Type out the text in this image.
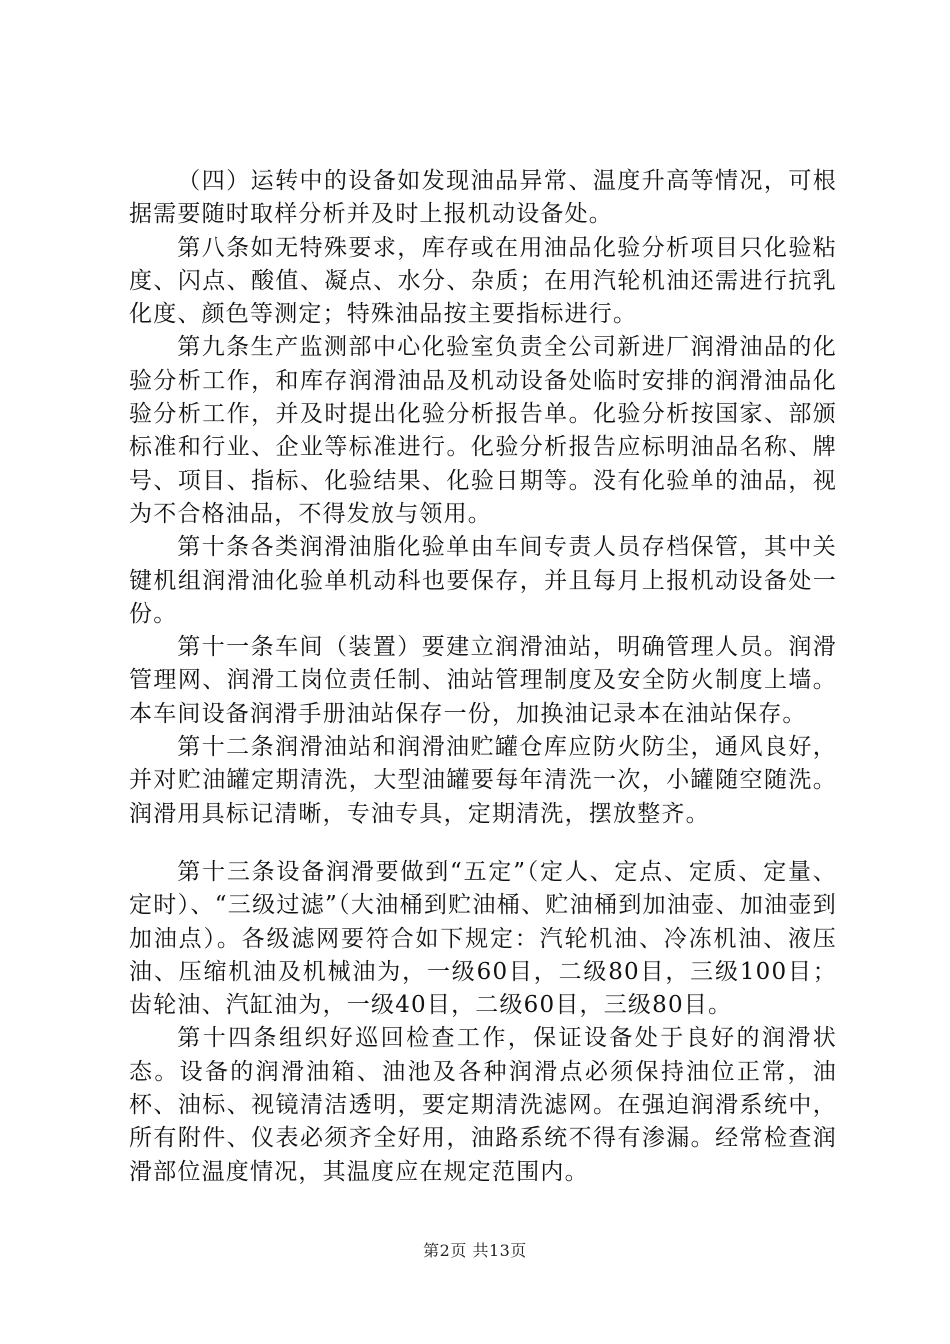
（四）运转中的设备如发现油品异常、温度升高等情况，可根据需要随时取样分析并及时上报机动设备处。

第八条如无特殊要求，库存或在用油品化验分析项目只化验粘度、闪点、酸值、凝点、水分、杂质；在用汽轮机油还需进行抗乳化度、颜色等测定；特殊油品按主要指标进行。

第九条生产监测部中心化验室负责全公司新进厂润滑油品的化验分析工作，和库存润滑油品及机动设备处临时安排的润滑油品化验分析工作，并及时提出化验分析报告单。化验分析按国家、部颁标准和行业、企业等标准进行。化验分析报告应标明油品名称、牌号、项目、指标、化验结果、化验日期等。没有化验单的油品，视为不合格油品，不得发放与领用。

第十条各类润滑油脂化验单由车间专责人员存档保管，其中关键机组润滑油化验单机动科也要保存，并且每月上报机动设备处一份。

第十一条车间（装置）要建立润滑油站，明确管理人员。润滑管理网、润滑工岗位责任制、油站管理制度及安全防火制度上墙。本车间设备润滑手册油站保存一份，加换油记录本在油站保存。

第十二条润滑油站和润滑油贮罐仓库应防火防尘，通风良好，并对贮油罐定期清洗，大型油罐要每年清洗一次，小罐随空随洗。润滑用具标记清晰，专油专具，定期清洗，摆放整齐。

第十三条设备润滑要做到“五定”（定人、定点、定质、定量、定时）、“三级过滤”（大油桶到贮油桶、贮油桶到加油壶、加油壶到加油点）。各级滤网要符合如下规定：汽轮机油、冷冻机油、液压油、压缩机油及机械油为，一级60目，二级80目，三级100目；齿轮油、汽缸油为，一级40目，二级60目，三级80目。

第十四条组织好巡回检查工作，保证设备处于良好的润滑状态。设备的润滑油箱、油池及各种润滑点必须保持油位正常，油杯、油标、视镜清洁透明，要定期清洗滤网。在强迫润滑系统中，所有附件、仪表必须齐全好用，油路系统不得有渗漏。经常检查润滑部位温度情况，其温度应在规定范围内。

第2页 共13页
